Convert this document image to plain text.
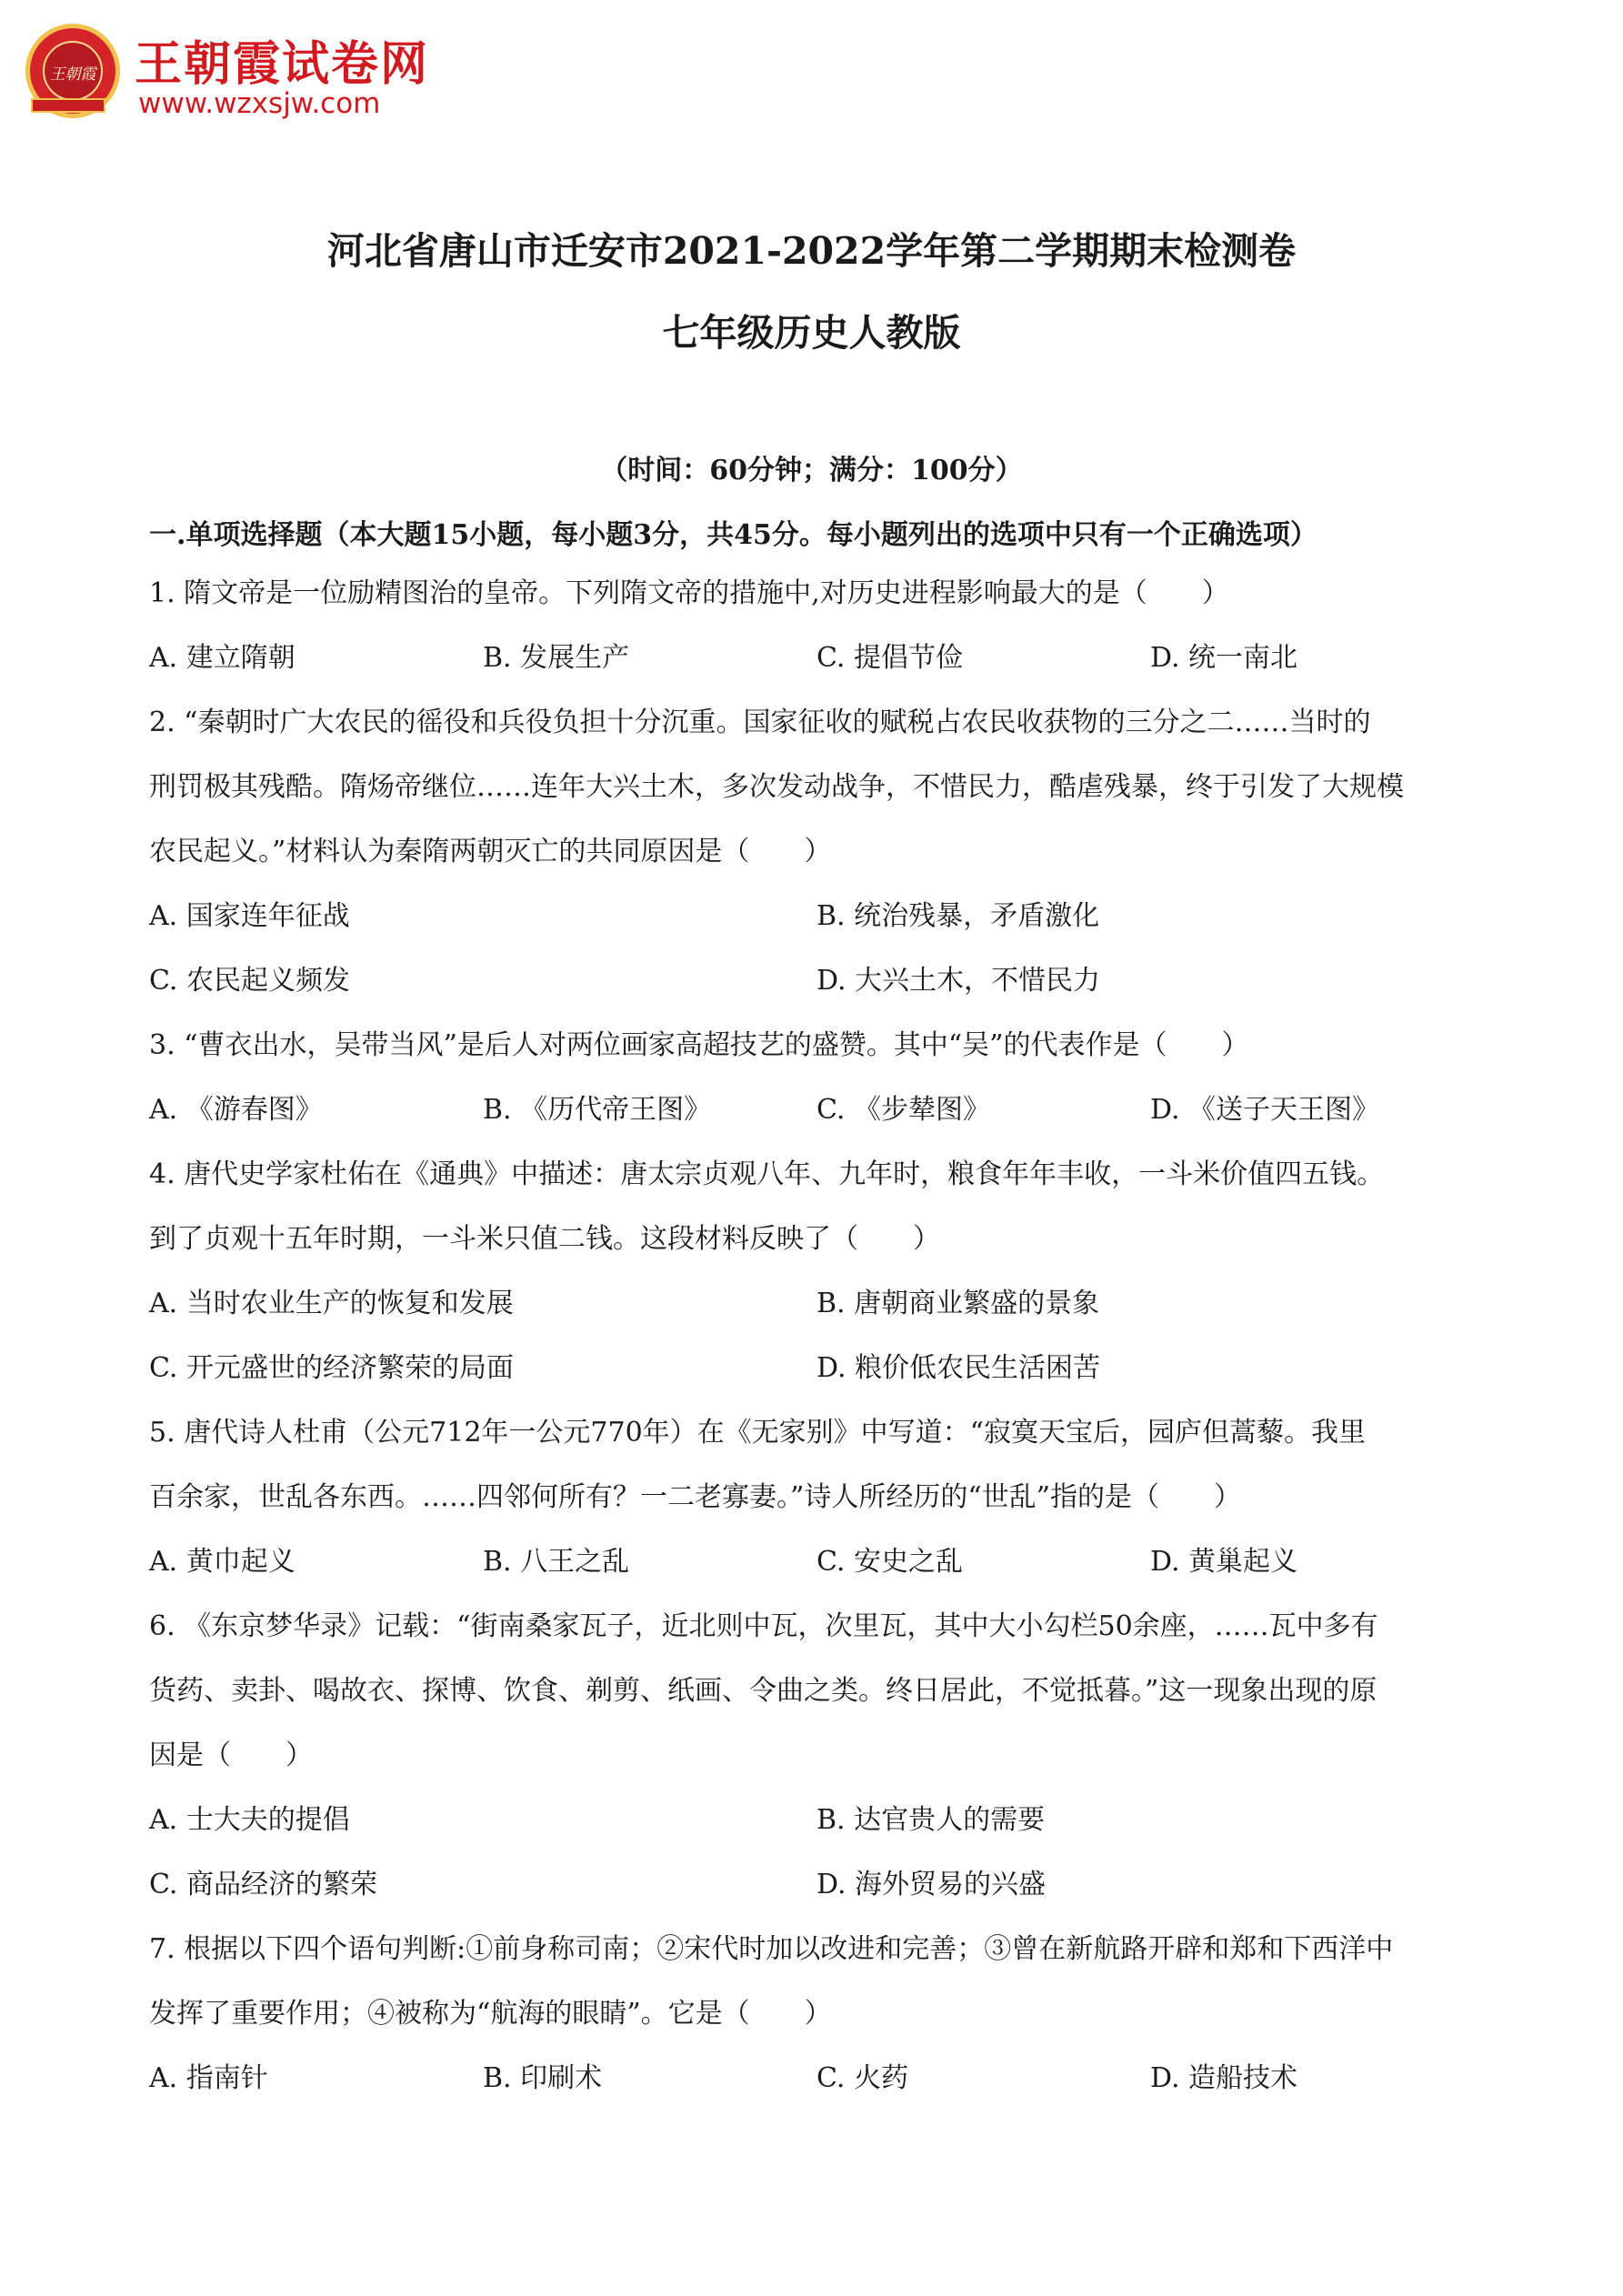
王朝霞 王朝霞试卷网
www.wzxsjw.com
河北省唐山市迁安市2021-2022学年第二学期期末检测卷
七年级历史人教版
（时间：60分钟；满分：100分）
一.单项选择题（本大题15小题，每小题3分，共45分。每小题列出的选项中只有一个正确选项）
1. 隋文帝是一位励精图治的皇帝。下列隋文帝的措施中,对历史进程影响最大的是（　　）
A. 建立隋朝	B. 发展生产	C. 提倡节俭	D. 统一南北
2. “秦朝时广大农民的徭役和兵役负担十分沉重。国家征收的赋税占农民收获物的三分之二……当时的
刑罚极其残酷。隋炀帝继位……连年大兴土木，多次发动战争，不惜民力，酷虐残暴，终于引发了大规模
农民起义。”材料认为秦隋两朝灭亡的共同原因是（　　）
A. 国家连年征战	B. 统治残暴，矛盾激化
C. 农民起义频发	D. 大兴土木，不惜民力
3. “曹衣出水，吴带当风”是后人对两位画家高超技艺的盛赞。其中“吴”的代表作是（　　）
A. 《游春图》	B. 《历代帝王图》	C. 《步辇图》	D. 《送子天王图》
4. 唐代史学家杜佑在《通典》中描述：唐太宗贞观八年、九年时，粮食年年丰收，一斗米价值四五钱。
到了贞观十五年时期，一斗米只值二钱。这段材料反映了（　　）
A. 当时农业生产的恢复和发展	B. 唐朝商业繁盛的景象
C. 开元盛世的经济繁荣的局面	D. 粮价低农民生活困苦
5. 唐代诗人杜甫（公元712年一公元770年）在《无家别》中写道：“寂寞天宝后，园庐但蒿藜。我里
百余家，世乱各东西。……四邻何所有？一二老寡妻。”诗人所经历的“世乱”指的是（　　）
A. 黄巾起义	B. 八王之乱	C. 安史之乱	D. 黄巢起义
6. 《东京梦华录》记载：“街南桑家瓦子，近北则中瓦，次里瓦，其中大小勾栏50余座，……瓦中多有
货药、卖卦、喝故衣、探博、饮食、剃剪、纸画、令曲之类。终日居此，不觉抵暮。”这一现象出现的原
因是（　　）
A. 士大夫的提倡	B. 达官贵人的需要
C. 商品经济的繁荣	D. 海外贸易的兴盛
7. 根据以下四个语句判断:①前身称司南；②宋代时加以改进和完善；③曾在新航路开辟和郑和下西洋中
发挥了重要作用；④被称为“航海的眼睛”。它是（　　）
A. 指南针	B. 印刷术	C. 火药	D. 造船技术
